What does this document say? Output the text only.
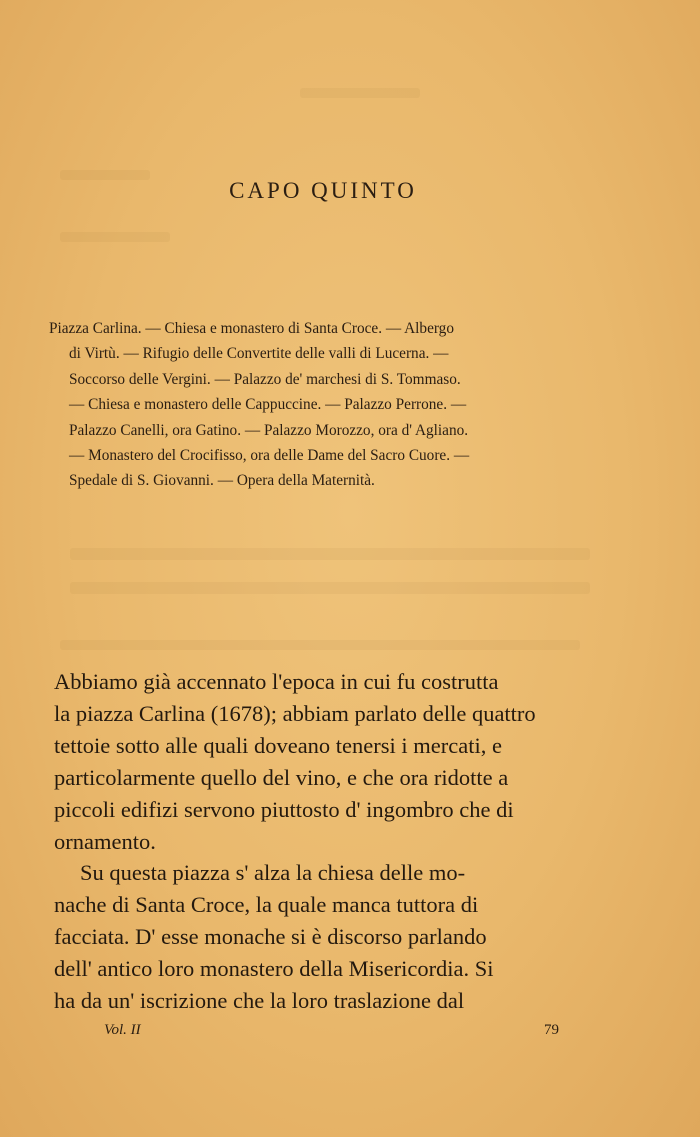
CAPO QUINTO
Piazza Carlina. — Chiesa e monastero di Santa Croce. — Albergo
di Virtù. — Rifugio delle Convertite delle valli di Lucerna. —
Soccorso delle Vergini. — Palazzo de' marchesi di S. Tommaso.
— Chiesa e monastero delle Cappuccine. — Palazzo Perrone. —
Palazzo Canelli, ora Gatino. — Palazzo Morozzo, ora d' Agliano.
— Monastero del Crocifisso, ora delle Dame del Sacro Cuore. —
Spedale di S. Giovanni. — Opera della Maternità.
Abbiamo già accennato l'epoca in cui fu costrutta
la piazza Carlina (1678); abbiam parlato delle quattro
tettoie sotto alle quali doveano tenersi i mercati, e
particolarmente quello del vino, e che ora ridotte a
piccoli edifizi servono piuttosto d' ingombro che di
ornamento.
Su questa piazza s' alza la chiesa delle mo-
nache di Santa Croce, la quale manca tuttora di
facciata. D' esse monache si è discorso parlando
dell' antico loro monastero della Misericordia. Si
ha da un' iscrizione che la loro traslazione dal
Vol. II	79
